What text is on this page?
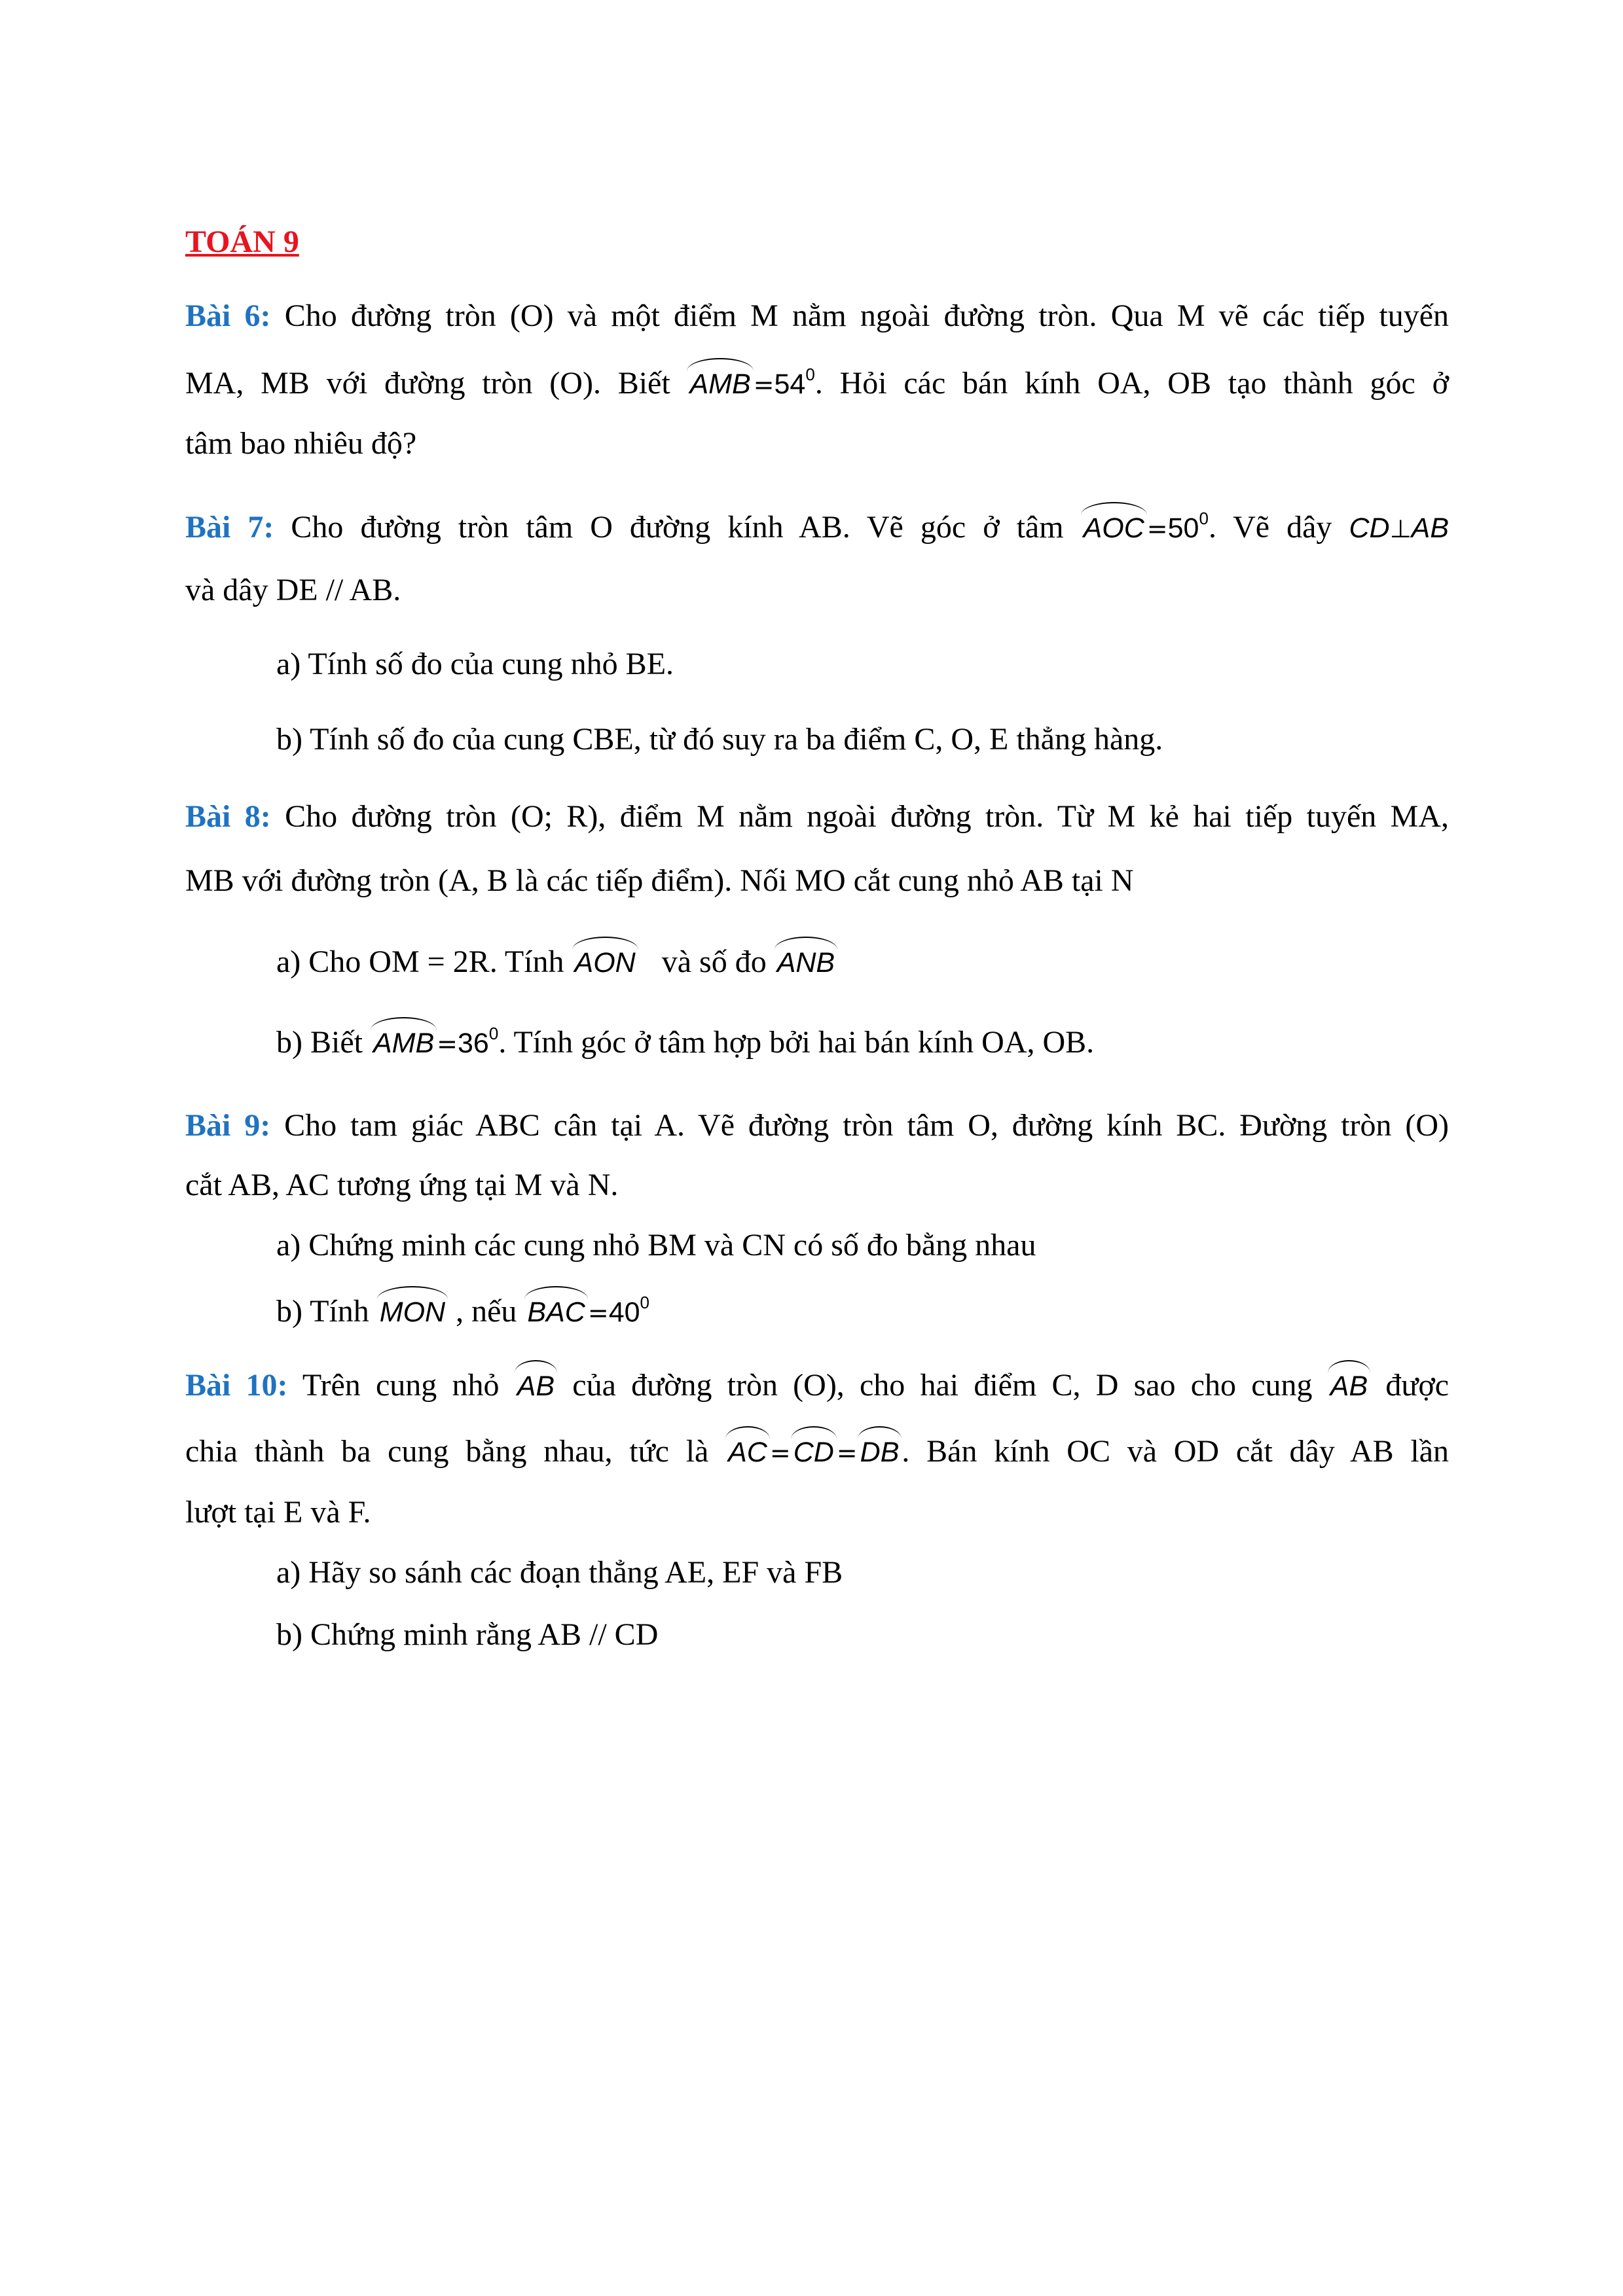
TOÁN 9
Bài 6: Cho đường tròn (O) và một điểm M nằm ngoài đường tròn. Qua M vẽ các tiếp tuyến
MA, MB với đường tròn (O). Biết AMB $=54^0$. Hỏi các bán kính OA, OB tạo thành góc ở
tâm bao nhiêu độ?
Bài 7: Cho đường tròn tâm O đường kính AB. Vẽ góc ở tâm AOC $=50^0$. Vẽ dây CD⊥AB
và dây DE // AB.
a) Tính số đo của cung nhỏ BE.
b) Tính số đo của cung CBE, từ đó suy ra ba điểm C, O, E thẳng hàng.
Bài 8: Cho đường tròn (O; R), điểm M nằm ngoài đường tròn. Từ M kẻ hai tiếp tuyến MA,
MB với đường tròn (A, B là các tiếp điểm). Nối MO cắt cung nhỏ AB tại N
a) Cho OM = 2R. Tính AON và số đo ANB
b) Biết AMB $=36^0$. Tính góc ở tâm hợp bởi hai bán kính OA, OB.
Bài 9: Cho tam giác ABC cân tại A. Vẽ đường tròn tâm O, đường kính BC. Đường tròn (O)
cắt AB, AC tương ứng tại M và N.
a) Chứng minh các cung nhỏ BM và CN có số đo bằng nhau
b) Tính MON , nếu BAC $=40^0$
Bài 10: Trên cung nhỏ AB của đường tròn (O), cho hai điểm C, D sao cho cung AB được
chia thành ba cung bằng nhau, tức là AC =CD =DB. Bán kính OC và OD cắt dây AB lần
lượt tại E và F.
a) Hãy so sánh các đoạn thẳng AE, EF và FB
b) Chứng minh rằng AB // CD
